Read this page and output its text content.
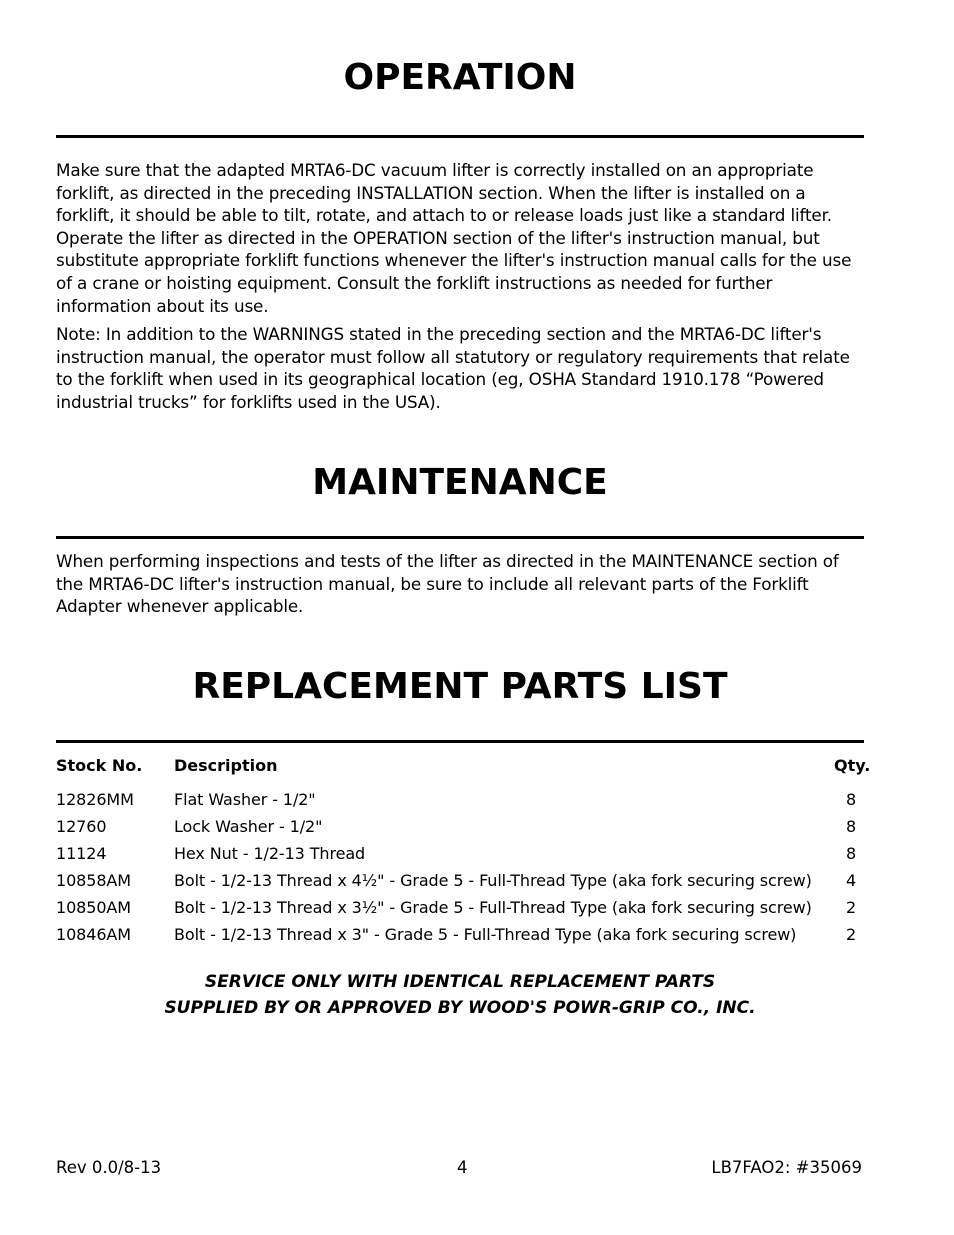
OPERATION

Make sure that the adapted MRTA6-DC vacuum lifter is correctly installed on an appropriate forklift, as directed in the preceding INSTALLATION section. When the lifter is installed on a forklift, it should be able to tilt, rotate, and attach to or release loads just like a standard lifter. Operate the lifter as directed in the OPERATION section of the lifter's instruction manual, but substitute appropriate forklift functions whenever the lifter's instruction manual calls for the use of a crane or hoisting equipment. Consult the forklift instructions as needed for further information about its use.

Note: In addition to the WARNINGS stated in the preceding section and the MRTA6-DC lifter's instruction manual, the operator must follow all statutory or regulatory requirements that relate to the forklift when used in its geographical location (eg, OSHA Standard 1910.178 “Powered industrial trucks” for forklifts used in the USA).

MAINTENANCE

When performing inspections and tests of the lifter as directed in the MAINTENANCE section of the MRTA6-DC lifter's instruction manual, be sure to include all relevant parts of the Forklift Adapter whenever applicable.

REPLACEMENT PARTS LIST
Stock No.	Description	Qty.

12826MM	Flat Washer - 1/2"	8
12760	Lock Washer - 1/2"	8
11124	Hex Nut - 1/2-13 Thread	8
10858AM	Bolt - 1/2-13 Thread x 4½" - Grade 5 - Full-Thread Type (aka fork securing screw)	4
10850AM	Bolt - 1/2-13 Thread x 3½" - Grade 5 - Full-Thread Type (aka fork securing screw)	2
10846AM	Bolt - 1/2-13 Thread x 3" - Grade 5 - Full-Thread Type (aka fork securing screw)	2

SERVICE ONLY WITH IDENTICAL REPLACEMENT PARTS

SUPPLIED BY OR APPROVED BY WOOD'S POWR-GRIP CO., INC.

Rev 0.0/8-13	4	LB7FAO2: #35069
